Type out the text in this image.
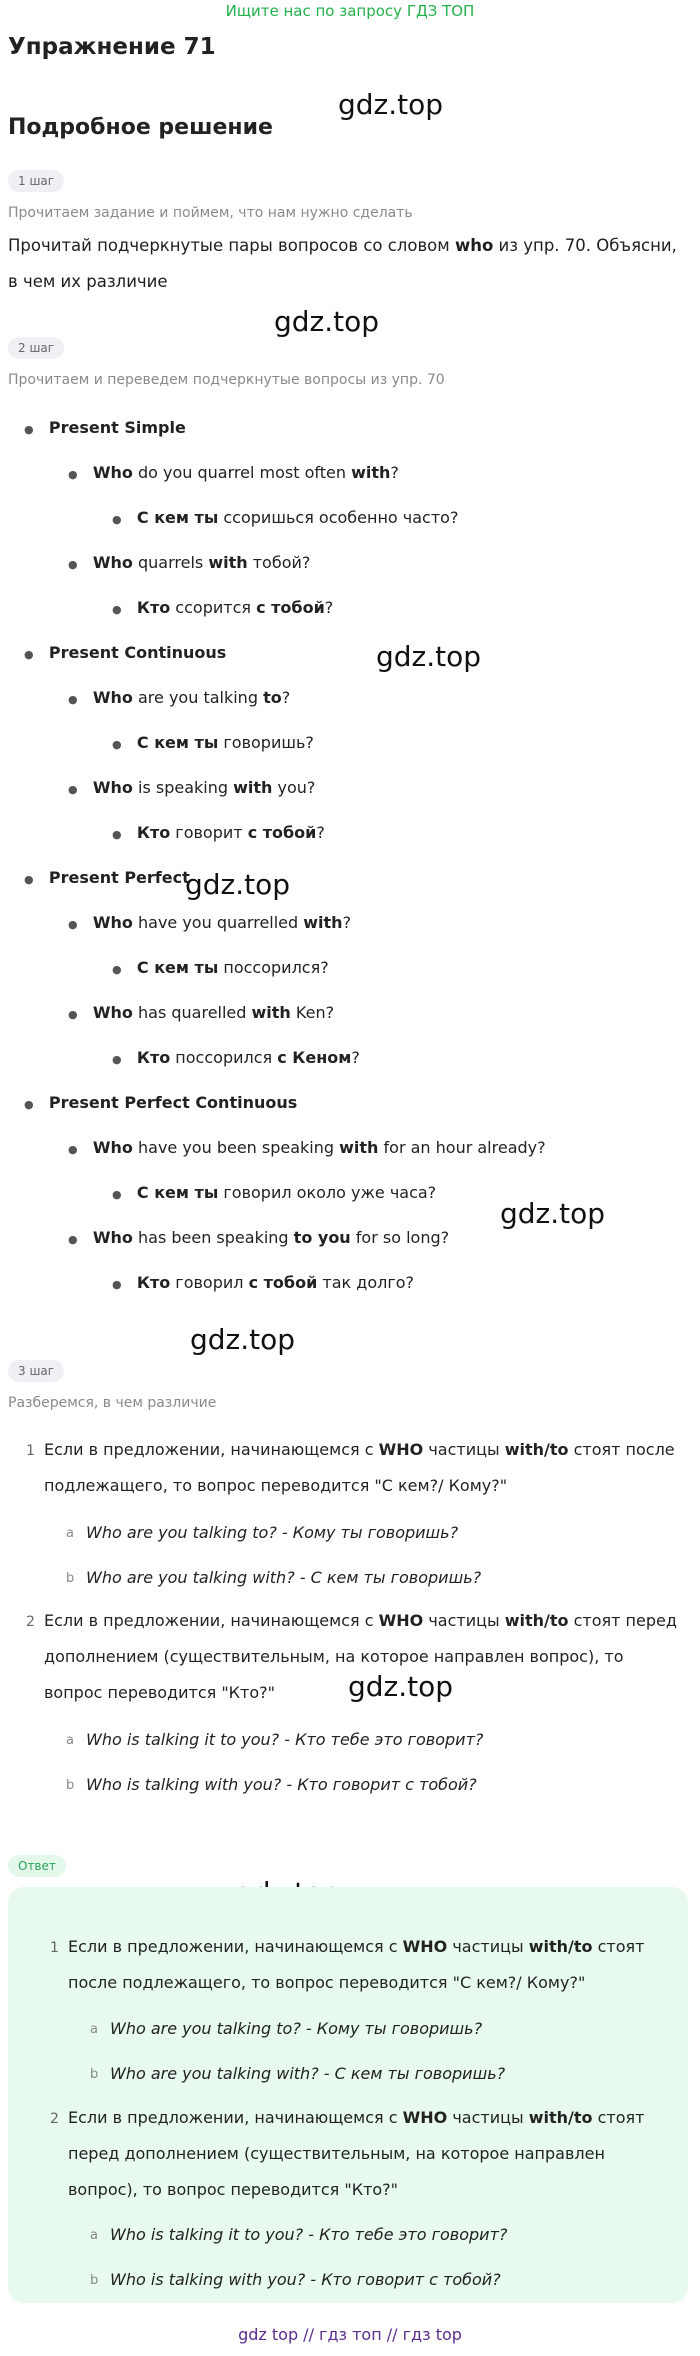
Ищите нас по запросу ГДЗ ТОП
Упражнение 71
Подробное решение
gdz.top
gdz.top
gdz.top
gdz.top
gdz.top
gdz.top
gdz.top
1 шаг
Прочитаем задание и поймем, что нам нужно сделать
Прочитай подчеркнутые пары вопросов со словом who из упр. 70. Объясни, в чем их различие
2 шаг
Прочитаем и переведем подчеркнутые вопросы из упр. 70
● Present Simple
● Who do you quarrel most often with?
● С кем ты ссоришься особенно часто?
● Who quarrels with тобой?
● Кто ссорится с тобой?
● Present Continuous
● Who are you talking to?
● С кем ты говоришь?
● Who is speaking with you?
● Кто говорит с тобой?
● Present Perfect
● Who have you quarrelled with?
● С кем ты поссорился?
● Who has quarelled with Ken?
● Кто поссорился с Кеном?
● Present Perfect Continuous
● Who have you been speaking with for an hour already?
● С кем ты говорил около уже часа?
● Who has been speaking to you for so long?
● Кто говорил с тобой так долго?
3 шаг
Разберемся, в чем различие
1 Если в предложении, начинающемся с WHO частицы with/to стоят после
подлежащего, то вопрос переводится "С кем?/ Кому?"
a Who are you talking to? - Кому ты говоришь?
b Who are you talking with? - С кем ты говоришь?
2 Если в предложении, начинающемся с WHO частицы with/to стоят перед
дополнением (существительным, на которое направлен вопрос), то
вопрос переводится "Кто?"
a Who is talking it to you? - Кто тебе это говорит?
b Who is talking with you? - Кто говорит с тобой?
Ответ
1 Если в предложении, начинающемся с WHO частицы with/to стоят
после подлежащего, то вопрос переводится "С кем?/ Кому?"
a Who are you talking to? - Кому ты говоришь?
b Who are you talking with? - С кем ты говоришь?
2 Если в предложении, начинающемся с WHO частицы with/to стоят
перед дополнением (существительным, на которое направлен
вопрос), то вопрос переводится "Кто?"
a Who is talking it to you? - Кто тебе это говорит?
b Who is talking with you? - Кто говорит с тобой?
gdz top // гдз топ // гдз top
